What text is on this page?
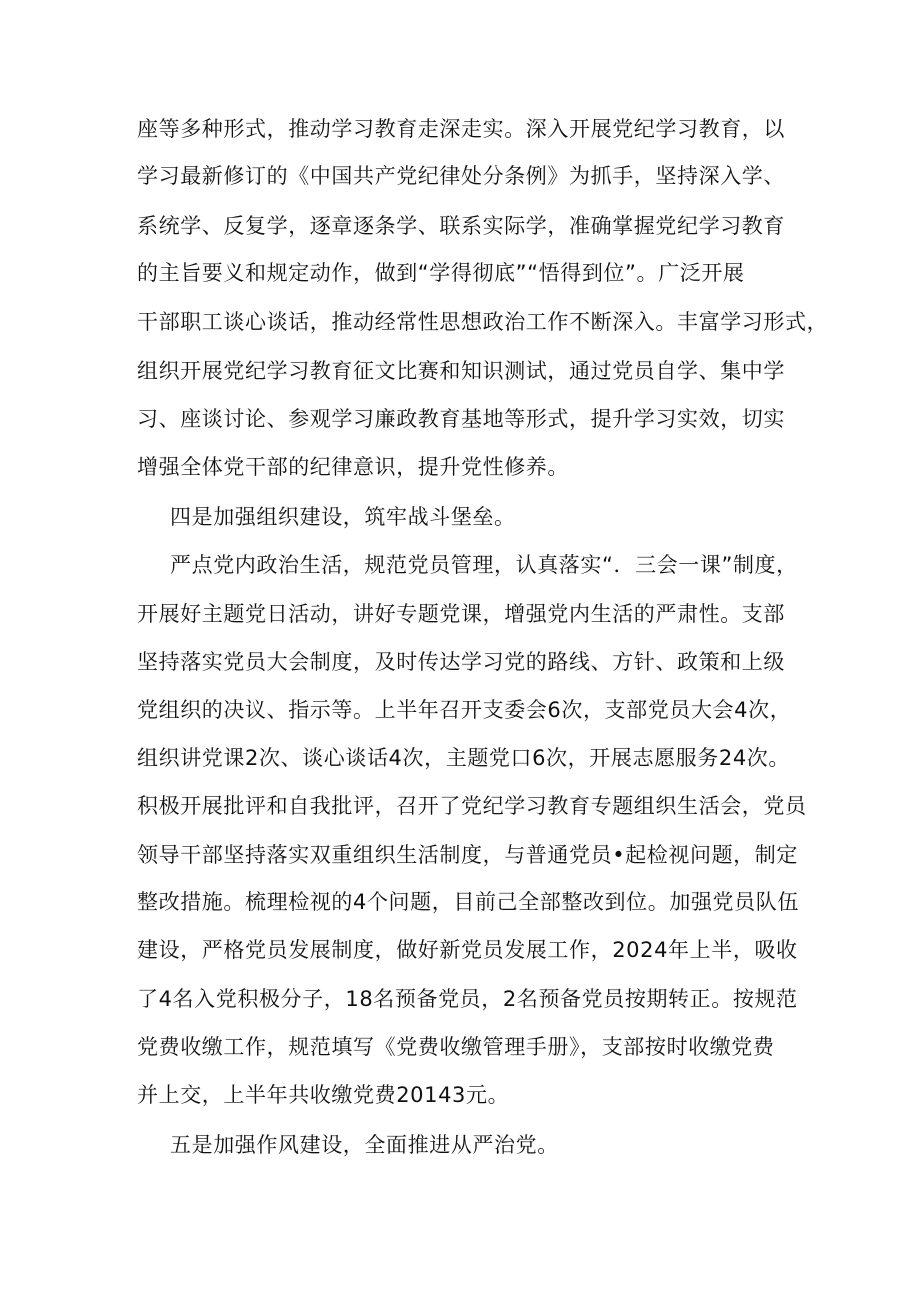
座等多种形式，推动学习教育走深走实。深入开展党纪学习教育，以
学习最新修订的《中国共产党纪律处分条例》为抓手，坚持深入学、
系统学、反复学，逐章逐条学、联系实际学，准确掌握党纪学习教育
的主旨要义和规定动作，做到“学得彻底”“悟得到位”。广泛开展
干部职工谈心谈话，推动经常性思想政治工作不断深入。丰富学习形式，
组织开展党纪学习教育征文比赛和知识测试，通过党员自学、集中学
习、座谈讨论、参观学习廉政教育基地等形式，提升学习实效，切实
增强全体党干部的纪律意识，提升党性修养。
四是加强组织建设，筑牢战斗堡垒。
严点党内政治生活，规范党员管理，认真落实“．三会一课”制度，
开展好主题党日活动，讲好专题党课，增强党内生活的严肃性。支部
坚持落实党员大会制度，及时传达学习党的路线、方针、政策和上级
党组织的决议、指示等。上半年召开支委会6次，支部党员大会4次，
组织讲党课2次、谈心谈话4次，主题党口6次，开展志愿服务24次。
积极开展批评和自我批评，召开了党纪学习教育专题组织生活会，党员
领导干部坚持落实双重组织生活制度，与普通党员•起检视问题，制定
整改措施。梳理检视的4个问题，目前己全部整改到位。加强党员队伍
建设，严格党员发展制度，做好新党员发展工作，2024年上半，吸收
了4名入党积极分子，18名预备党员，2名预备党员按期转正。按规范
党费收缴工作，规范填写《党费收缴管理手册》，支部按时收缴党费
并上交，上半年共收缴党费20143元。
五是加强作风建设，全面推进从严治党。
